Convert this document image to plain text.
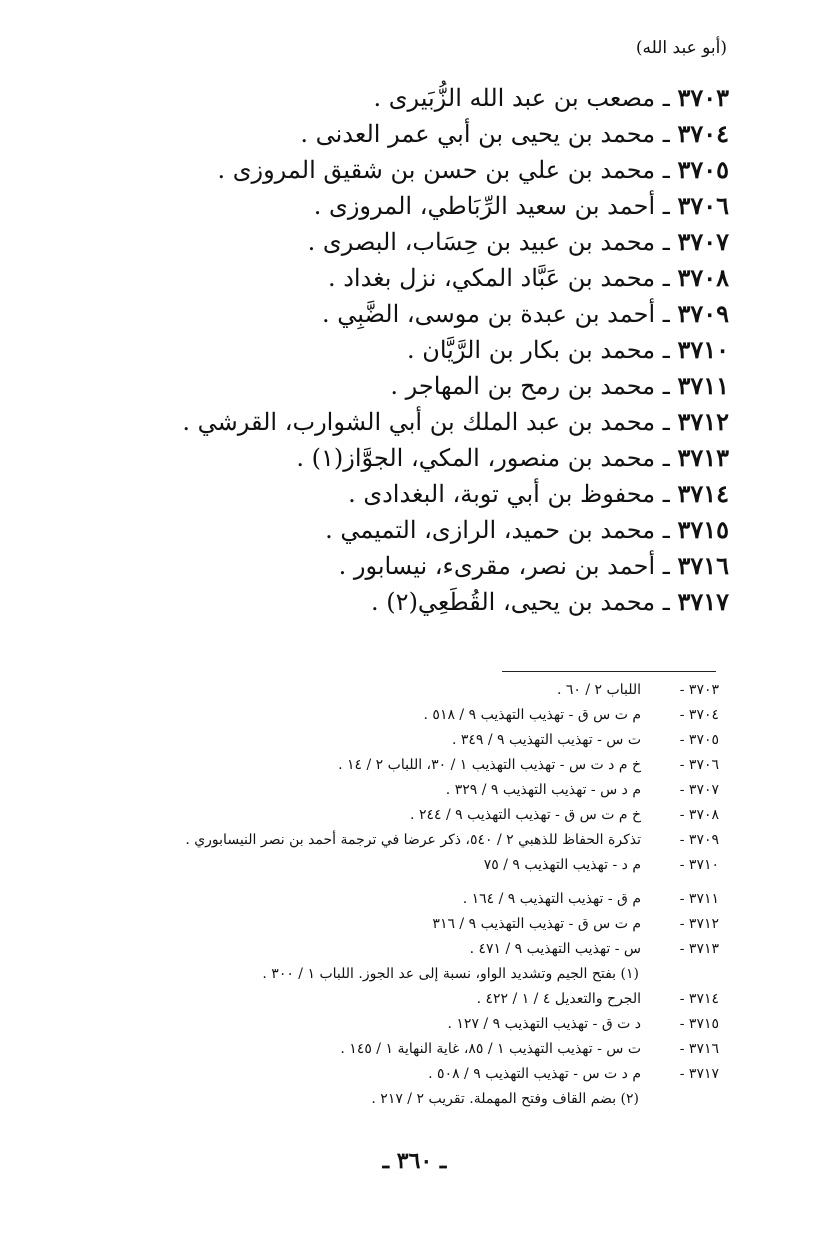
(أبو عبد الله)
٣٧٠٣ ـ مصعب بن عبد الله الزُّبَيرى .
٣٧٠٤ ـ محمد بن يحيى بن أبي عمر العدنى .
٣٧٠٥ ـ محمد بن علي بن حسن بن شقيق المروزى .
٣٧٠٦ ـ أحمد بن سعيد الرِّبَاطي، المروزى .
٣٧٠٧ ـ محمد بن عبيد بن حِسَاب، البصرى .
٣٧٠٨ ـ محمد بن عَبَّاد المكي، نزل بغداد .
٣٧٠٩ ـ أحمد بن عبدة بن موسى، الضَّبِي .
٣٧١٠ ـ محمد بن بكار بن الرَّيَّان .
٣٧١١ ـ محمد بن رمح بن المهاجر .
٣٧١٢ ـ محمد بن عبد الملك بن أبي الشوارب، القرشي .
٣٧١٣ ـ محمد بن منصور، المكي، الجوَّاز(١) .
٣٧١٤ ـ محفوظ بن أبي توبة، البغدادى .
٣٧١٥ ـ محمد بن حميد، الرازى، التميمي .
٣٧١٦ ـ أحمد بن نصر، مقرىء، نيسابور .
٣٧١٧ ـ محمد بن يحيى، القُطَعِي(٢) .
٣٧٠٣ -
اللباب ٢ / ٦٠ .
٣٧٠٤ -
م ت س ق - تهذيب التهذيب ٩ / ٥١٨ .
٣٧٠٥ -
ت س - تهذيب التهذيب ٩ / ٣٤٩ .
٣٧٠٦ -
خ م د ت س - تهذيب التهذيب ١ / ٣٠، اللباب ٢ / ١٤ .
٣٧٠٧ -
م د س - تهذيب التهذيب ٩ / ٣٢٩ .
٣٧٠٨ -
خ م ت س ق - تهذيب التهذيب ٩ / ٢٤٤ .
٣٧٠٩ -
تذكرة الحفاظ للذهبي ٢ / ٥٤٠، ذكر عرضا في ترجمة أحمد بن نصر النيسابوري .
٣٧١٠ -
م د - تهذيب التهذيب ٩ / ٧٥
٣٧١١ -
م ق - تهذيب التهذيب ٩ / ١٦٤ .
٣٧١٢ -
م ت س ق - تهذيب التهذيب ٩ / ٣١٦
٣٧١٣ -
س - تهذيب التهذيب ٩ / ٤٧١ .
(١) بفتح الجيم وتشديد الواو، نسبة إلى عد الجوز. اللباب ١ / ٣٠٠ .
٣٧١٤ -
الجرح والتعديل ٤ / ١ / ٤٢٢ .
٣٧١٥ -
د ت ق - تهذيب التهذيب ٩ / ١٢٧ .
٣٧١٦ -
ت س - تهذيب التهذيب ١ / ٨٥، غاية النهاية ١ / ١٤٥ .
٣٧١٧ -
م د ت س - تهذيب التهذيب ٩ / ٥٠٨ .
(٢) بضم القاف وفتح المهملة. تقريب ٢ / ٢١٧ .
ـ ٣٦٠ ـ
